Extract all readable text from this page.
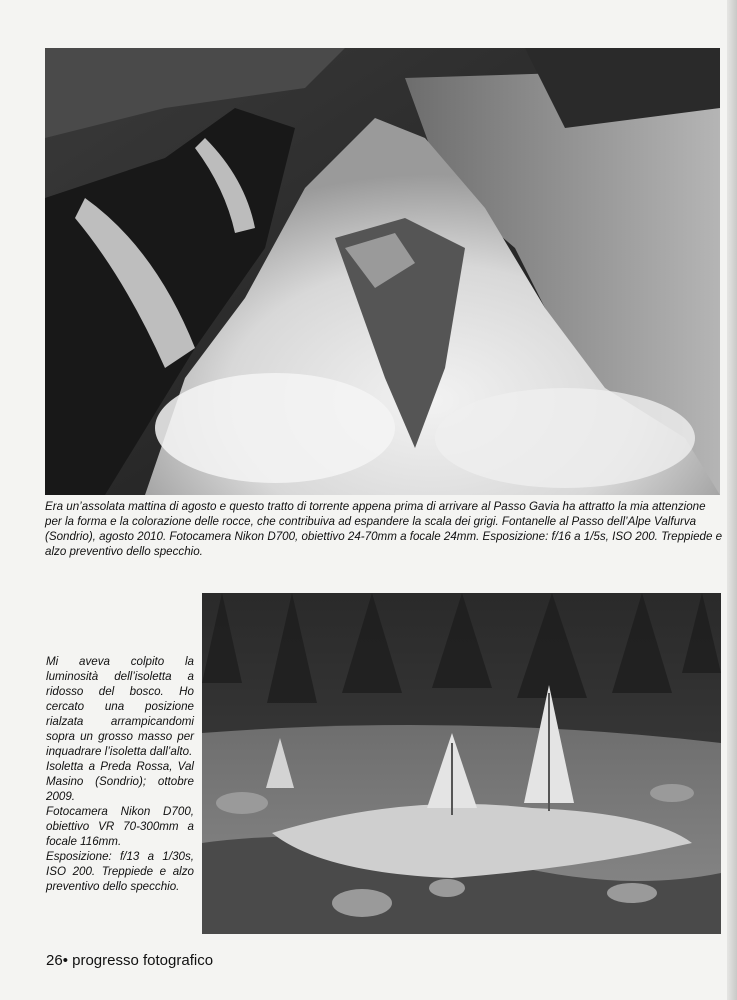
Era un’assolata mattina di agosto e questo tratto di torrente appena prima di arrivare al Passo Gavia ha attratto la mia attenzione per la forma e la colorazione delle rocce, che contribuiva ad espandere la scala dei grigi. Fontanelle al Passo dell’Alpe Valfurva (Sondrio), agosto 2010. Fotocamera Nikon D700, obiettivo 24-70mm a focale 24mm. Esposizione: f/16 a 1/5s, ISO 200. Treppiede e alzo preventivo dello specchio.

Mi aveva colpito la luminosità dell’isoletta a ridosso del bosco. Ho cercato una posizione rialzata arrampicandomi sopra un grosso masso per inquadrare l’isoletta dall’alto.

Isoletta a Preda Rossa, Val Masino (Sondrio); ottobre 2009.

Fotocamera Nikon D700, obiettivo VR 70-300mm a focale 116mm.

Esposizione: f/13 a 1/30s, ISO 200. Treppiede e alzo preventivo dello specchio.

26• progresso fotografico
